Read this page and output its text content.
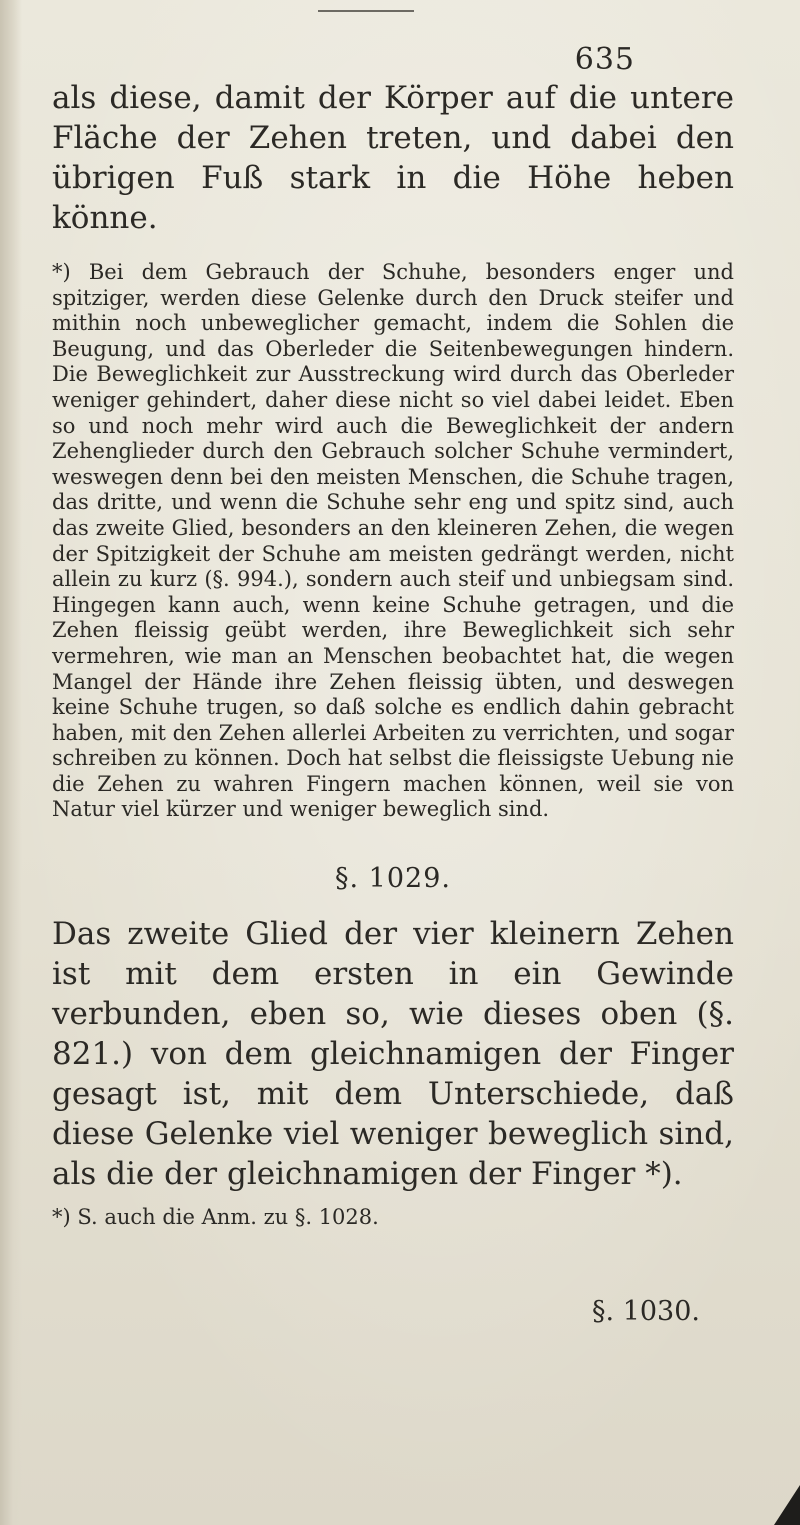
635

als diese, damit der Körper auf die untere Fläche der Zehen treten, und dabei den übrigen Fuß stark in die Höhe heben könne.

*) Bei dem Gebrauch der Schuhe, besonders enger und spitziger, werden diese Gelenke durch den Druck steifer und mithin noch unbeweglicher gemacht, indem die Sohlen die Beugung, und das Oberleder die Seitenbewegungen hindern. Die Beweglichkeit zur Ausstreckung wird durch das Oberleder weniger gehindert, daher diese nicht so viel dabei leidet. Eben so und noch mehr wird auch die Beweglichkeit der andern Zehenglieder durch den Gebrauch solcher Schuhe vermindert, weswegen denn bei den meisten Menschen, die Schuhe tragen, das dritte, und wenn die Schuhe sehr eng und spitz sind, auch das zweite Glied, besonders an den kleineren Zehen, die wegen der Spitzigkeit der Schuhe am meisten gedrängt werden, nicht allein zu kurz (§. 994.), sondern auch steif und unbiegsam sind. Hingegen kann auch, wenn keine Schuhe getragen, und die Zehen fleissig geübt werden, ihre Beweglichkeit sich sehr vermehren, wie man an Menschen beobachtet hat, die wegen Mangel der Hände ihre Zehen fleissig übten, und deswegen keine Schuhe trugen, so daß solche es endlich dahin gebracht haben, mit den Zehen allerlei Arbeiten zu verrichten, und sogar schreiben zu können. Doch hat selbst die fleissigste Uebung nie die Zehen zu wahren Fingern machen können, weil sie von Natur viel kürzer und weniger beweglich sind.

§. 1029.

Das zweite Glied der vier kleinern Zehen ist mit dem ersten in ein Gewinde verbunden, eben so, wie dieses oben (§. 821.) von dem gleichnamigen der Finger gesagt ist, mit dem Unterschiede, daß diese Gelenke viel weniger beweglich sind, als die der gleichnamigen der Finger *).

*) S. auch die Anm. zu §. 1028.

§. 1030.
